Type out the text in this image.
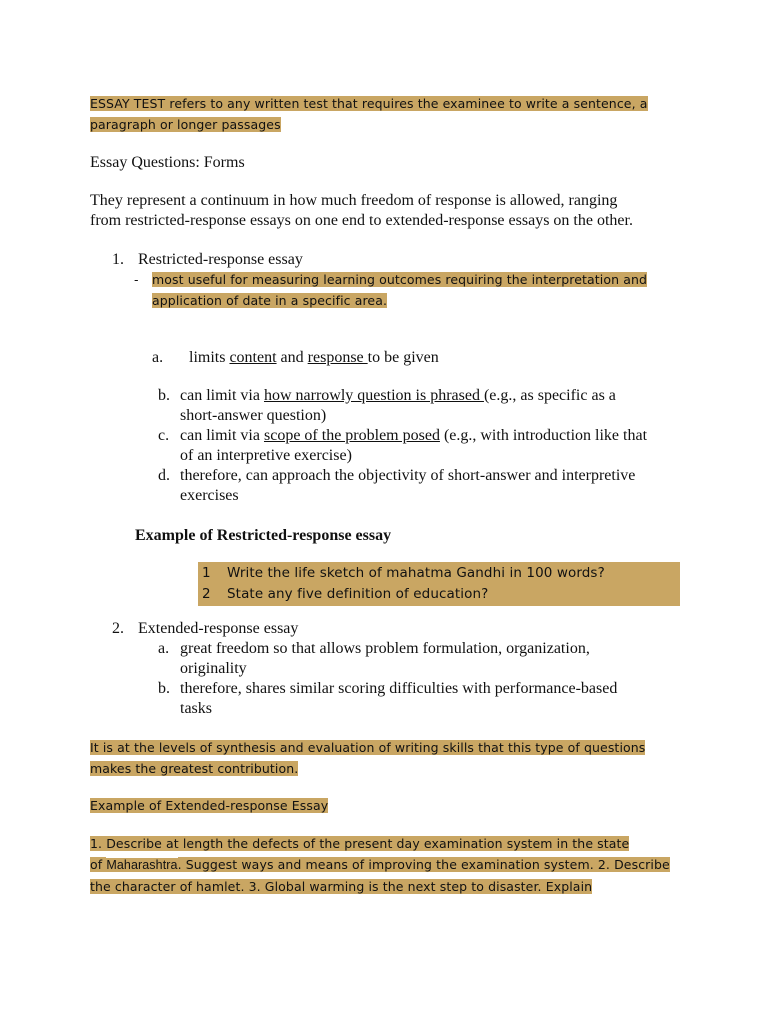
ESSAY TEST refers to any written test that requires the examinee to write a sentence, a
paragraph or longer passages
Essay Questions: Forms
They represent a continuum in how much freedom of response is allowed, ranging
from restricted-response essays on one end to extended-response essays on the other.
1. Restricted-response essay
- most useful for measuring learning outcomes requiring the interpretation and
application of date in a specific area.
a. limits content and response to be given
b. can limit via how narrowly question is phrased (e.g., as specific as a
short-answer question)
c. can limit via scope of the problem posed (e.g., with introduction like that
of an interpretive exercise)
d. therefore, can approach the objectivity of short-answer and interpretive
exercises
Example of Restricted-response essay
1 Write the life sketch of mahatma Gandhi in 100 words?
2 State any five definition of education?
2. Extended-response essay
a. great freedom so that allows problem formulation, organization,
originality
b. therefore, shares similar scoring difficulties with performance-based
tasks
It is at the levels of synthesis and evaluation of writing skills that this type of questions
makes the greatest contribution.
Example of Extended-response Essay
1. Describe at length the defects of the present day examination system in the state
of Maharashtra. Suggest ways and means of improving the examination system. 2. Describe
the character of hamlet. 3. Global warming is the next step to disaster. Explain
